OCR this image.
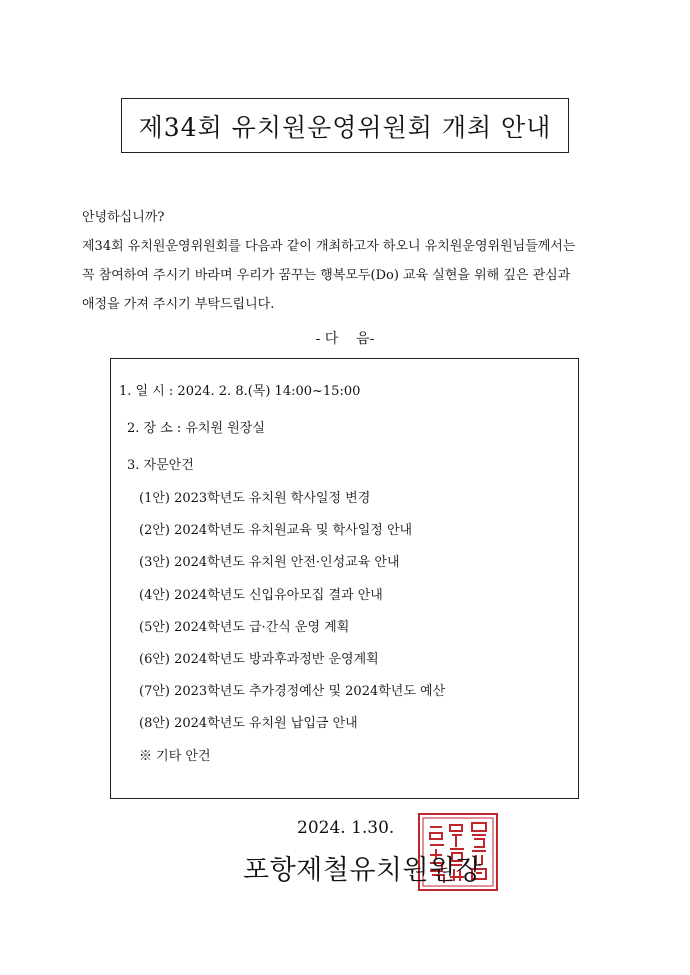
제34회 유치원운영위원회 개최 안내

안녕하십니까?

제34회 유치원운영위원회를 다음과 같이 개최하고자 하오니 유치원운영위원님들께서는

꼭 참여하여 주시기 바라며 우리가 꿈꾸는 행복모두(Do) 교육 실현을 위해 깊은 관심과

애정을 가져 주시기 부탁드립니다.

- 다    음-
1. 일 시 : 2024. 2. 8.(목) 14:00~15:00
2. 장 소 : 유치원 원장실
3. 자문안건
(1안) 2023학년도 유치원 학사일정 변경
(2안) 2024학년도 유치원교육 및 학사일정 안내
(3안) 2024학년도 유치원 안전·인성교육 안내
(4안) 2024학년도 신입유아모집 결과 안내
(5안) 2024학년도 급·간식 운영 계획
(6안) 2024학년도 방과후과정반 운영계획
(7안) 2023학년도 추가경정예산 및 2024학년도 예산
(8안) 2024학년도 유치원 납입금 안내
※ 기타 안건
2024. 1.30.
포항제철유치원원장
